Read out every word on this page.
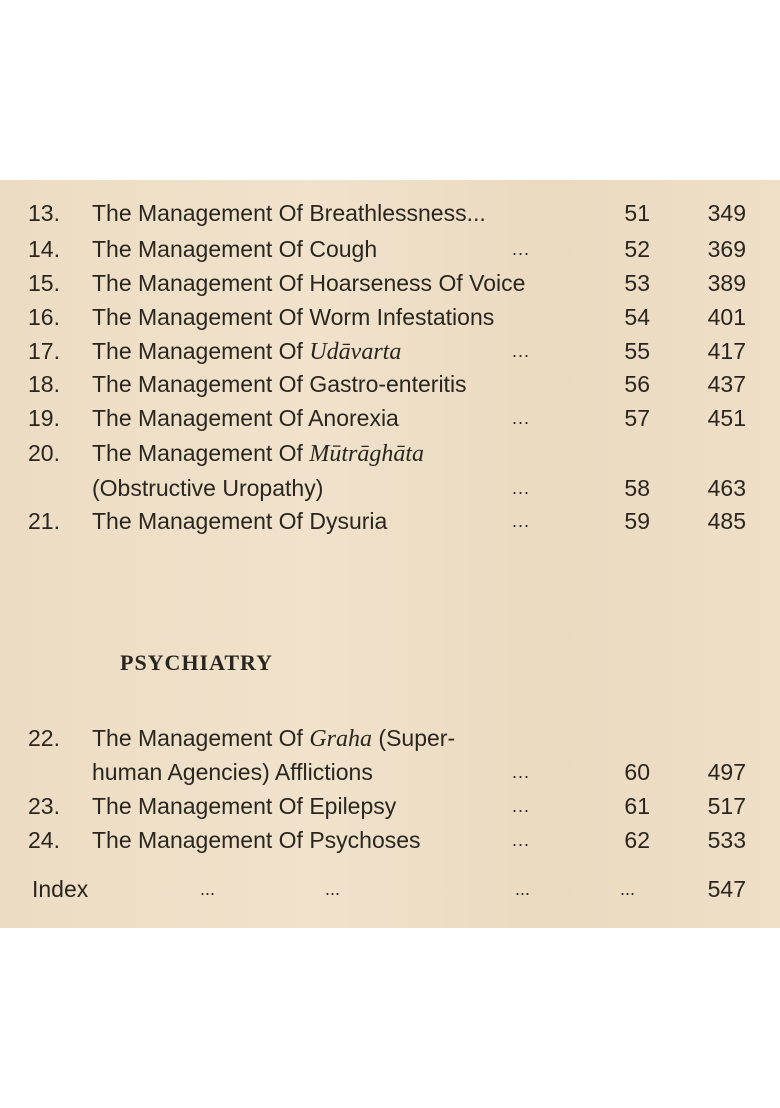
13. The Management Of Breathlessness...	51	349
14. The Management Of Cough	...	52	369
15. The Management Of Hoarseness Of Voice	53	389
16. The Management Of Worm Infestations	54	401
17. The Management Of Udāvarta	...	55	417
18. The Management Of Gastro-enteritis	56	437
19. The Management Of Anorexia	...	57	451
20. The Management Of Mūtrāghāta
(Obstructive Uropathy)	...	58	463
21. The Management Of Dysuria	...	59	485
PSYCHIATRY
22. The Management Of Graha (Super-
human Agencies) Afflictions	...	60	497
23. The Management Of Epilepsy	...	61	517
24. The Management Of Psychoses	...	62	533
Index	...	...	...	...	547
